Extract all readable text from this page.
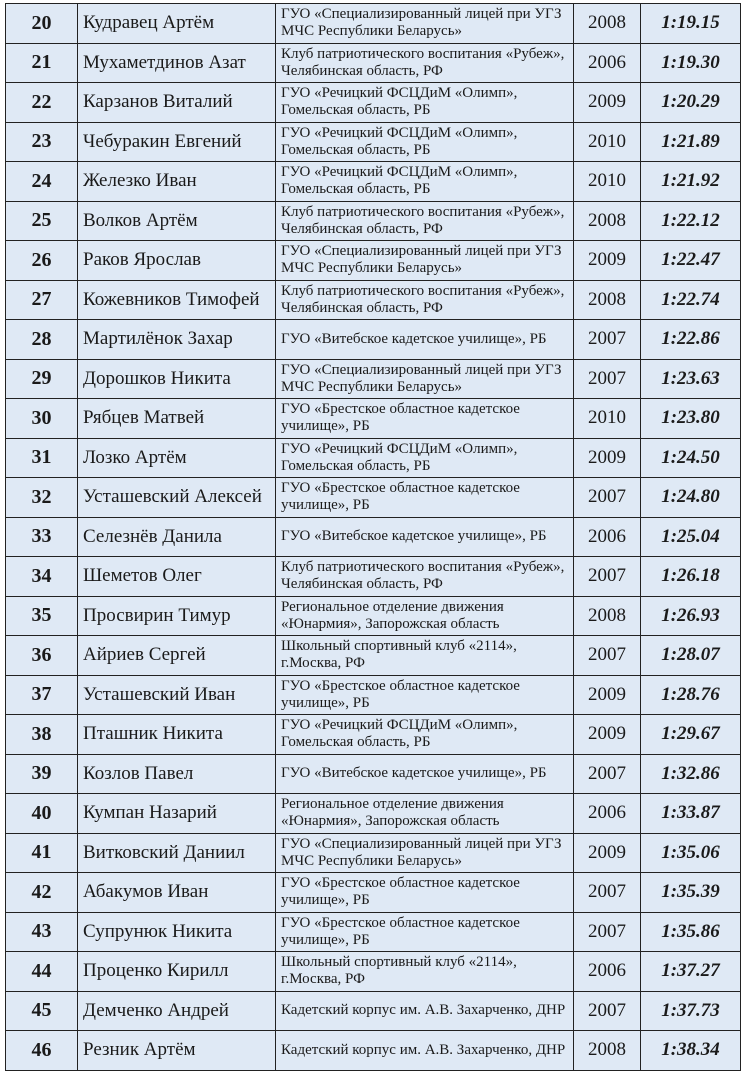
20	Кудравец Артём	ГУО «Специализированный лицей при УГЗ МЧС Республики Беларусь»	2008	1:19.15
21	Мухаметдинов Азат	Клуб патриотического воспитания «Рубеж», Челябинская область, РФ	2006	1:19.30
22	Карзанов Виталий	ГУО «Речицкий ФСЦДиМ «Олимп», Гомельская область, РБ	2009	1:20.29
23	Чебуракин Евгений	ГУО «Речицкий ФСЦДиМ «Олимп», Гомельская область, РБ	2010	1:21.89
24	Железко Иван	ГУО «Речицкий ФСЦДиМ «Олимп», Гомельская область, РБ	2010	1:21.92
25	Волков Артём	Клуб патриотического воспитания «Рубеж», Челябинская область, РФ	2008	1:22.12
26	Раков Ярослав	ГУО «Специализированный лицей при УГЗ МЧС Республики Беларусь»	2009	1:22.47
27	Кожевников Тимофей	Клуб патриотического воспитания «Рубеж», Челябинская область, РФ	2008	1:22.74
28	Мартилёнок Захар	ГУО «Витебское кадетское училище», РБ	2007	1:22.86
29	Дорошков Никита	ГУО «Специализированный лицей при УГЗ МЧС Республики Беларусь»	2007	1:23.63
30	Рябцев Матвей	ГУО «Брестское областное кадетское училище», РБ	2010	1:23.80
31	Лозко Артём	ГУО «Речицкий ФСЦДиМ «Олимп», Гомельская область, РБ	2009	1:24.50
32	Усташевский Алексей	ГУО «Брестское областное кадетское училище», РБ	2007	1:24.80
33	Селезнёв Данила	ГУО «Витебское кадетское училище», РБ	2006	1:25.04
34	Шеметов Олег	Клуб патриотического воспитания «Рубеж», Челябинская область, РФ	2007	1:26.18
35	Просвирин Тимур	Региональное отделение движения «Юнармия», Запорожская область	2008	1:26.93
36	Айриев Сергей	Школьный спортивный клуб «2114», г.Москва, РФ	2007	1:28.07
37	Усташевский Иван	ГУО «Брестское областное кадетское училище», РБ	2009	1:28.76
38	Пташник Никита	ГУО «Речицкий ФСЦДиМ «Олимп», Гомельская область, РБ	2009	1:29.67
39	Козлов Павел	ГУО «Витебское кадетское училище», РБ	2007	1:32.86
40	Кумпан Назарий	Региональное отделение движения «Юнармия», Запорожская область	2006	1:33.87
41	Витковский Даниил	ГУО «Специализированный лицей при УГЗ МЧС Республики Беларусь»	2009	1:35.06
42	Абакумов Иван	ГУО «Брестское областное кадетское училище», РБ	2007	1:35.39
43	Супрунюк Никита	ГУО «Брестское областное кадетское училище», РБ	2007	1:35.86
44	Проценко Кирилл	Школьный спортивный клуб «2114», г.Москва, РФ	2006	1:37.27
45	Демченко Андрей	Кадетский корпус им. А.В. Захарченко, ДНР	2007	1:37.73
46	Резник Артём	Кадетский корпус им. А.В. Захарченко, ДНР	2008	1:38.34
